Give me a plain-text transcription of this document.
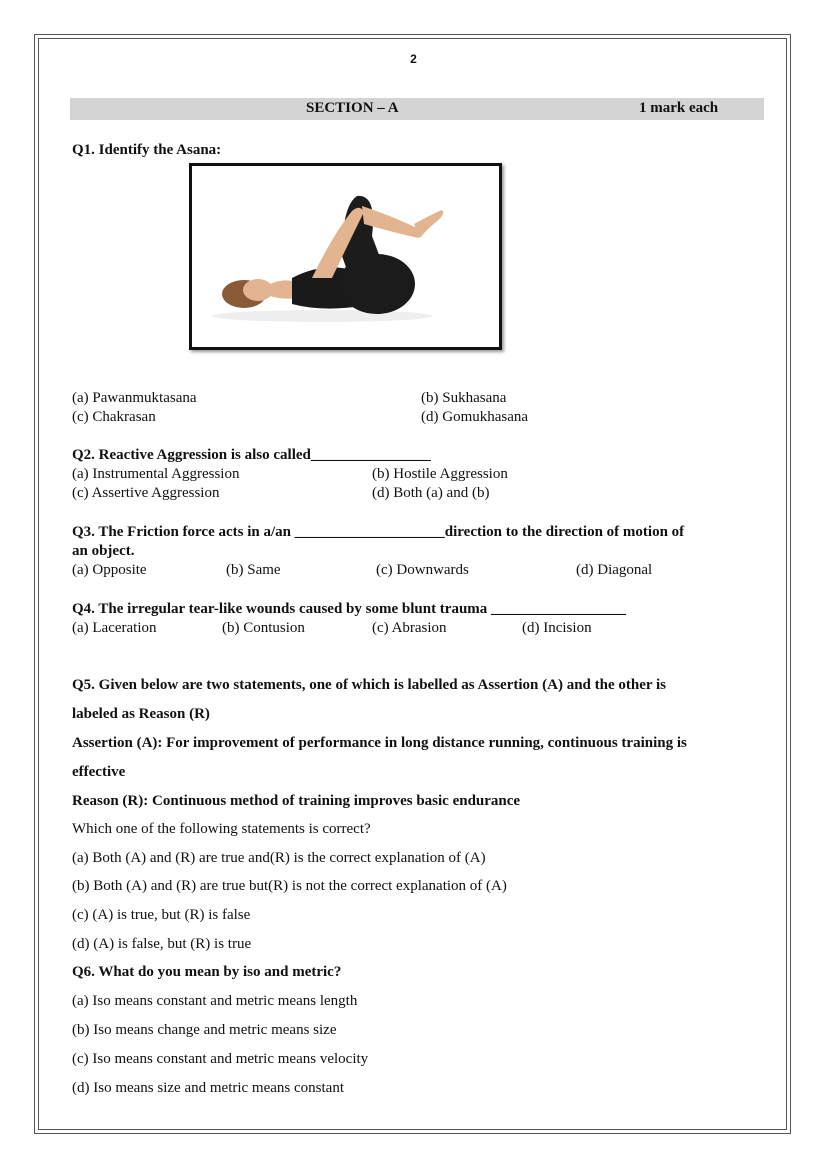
2
SECTION – A	1 mark each
Q1. Identify the Asana:
(a) Pawanmuktasana	(b) Sukhasana
(c) Chakrasan	(d) Gomukhasana
Q2. Reactive Aggression is also called________________
(a) Instrumental Aggression	(b) Hostile Aggression
(c) Assertive Aggression	(d) Both (a) and (b)
Q3. The Friction force acts in a/an ____________________direction to the direction of motion of
an object.
(a) Opposite	(b) Same	(c) Downwards	(d) Diagonal
Q4. The irregular tear-like wounds caused by some blunt trauma __________________
(a) Laceration	(b) Contusion	(c) Abrasion	(d) Incision
Q5. Given below are two statements, one of which is labelled as Assertion (A) and the other is
labeled as Reason (R)
Assertion (A): For improvement of performance in long distance running, continuous training is
effective
Reason (R): Continuous method of training improves basic endurance
Which one of the following statements is correct?
(a) Both (A) and (R) are true and(R) is the correct explanation of (A)
(b) Both (A) and (R) are true but(R) is not the correct explanation of (A)
(c) (A) is true, but (R) is false
(d) (A) is false, but (R) is true
Q6. What do you mean by iso and metric?
(a) Iso means constant and metric means length
(b) Iso means change and metric means size
(c) Iso means constant and metric means velocity
(d) Iso means size and metric means constant
